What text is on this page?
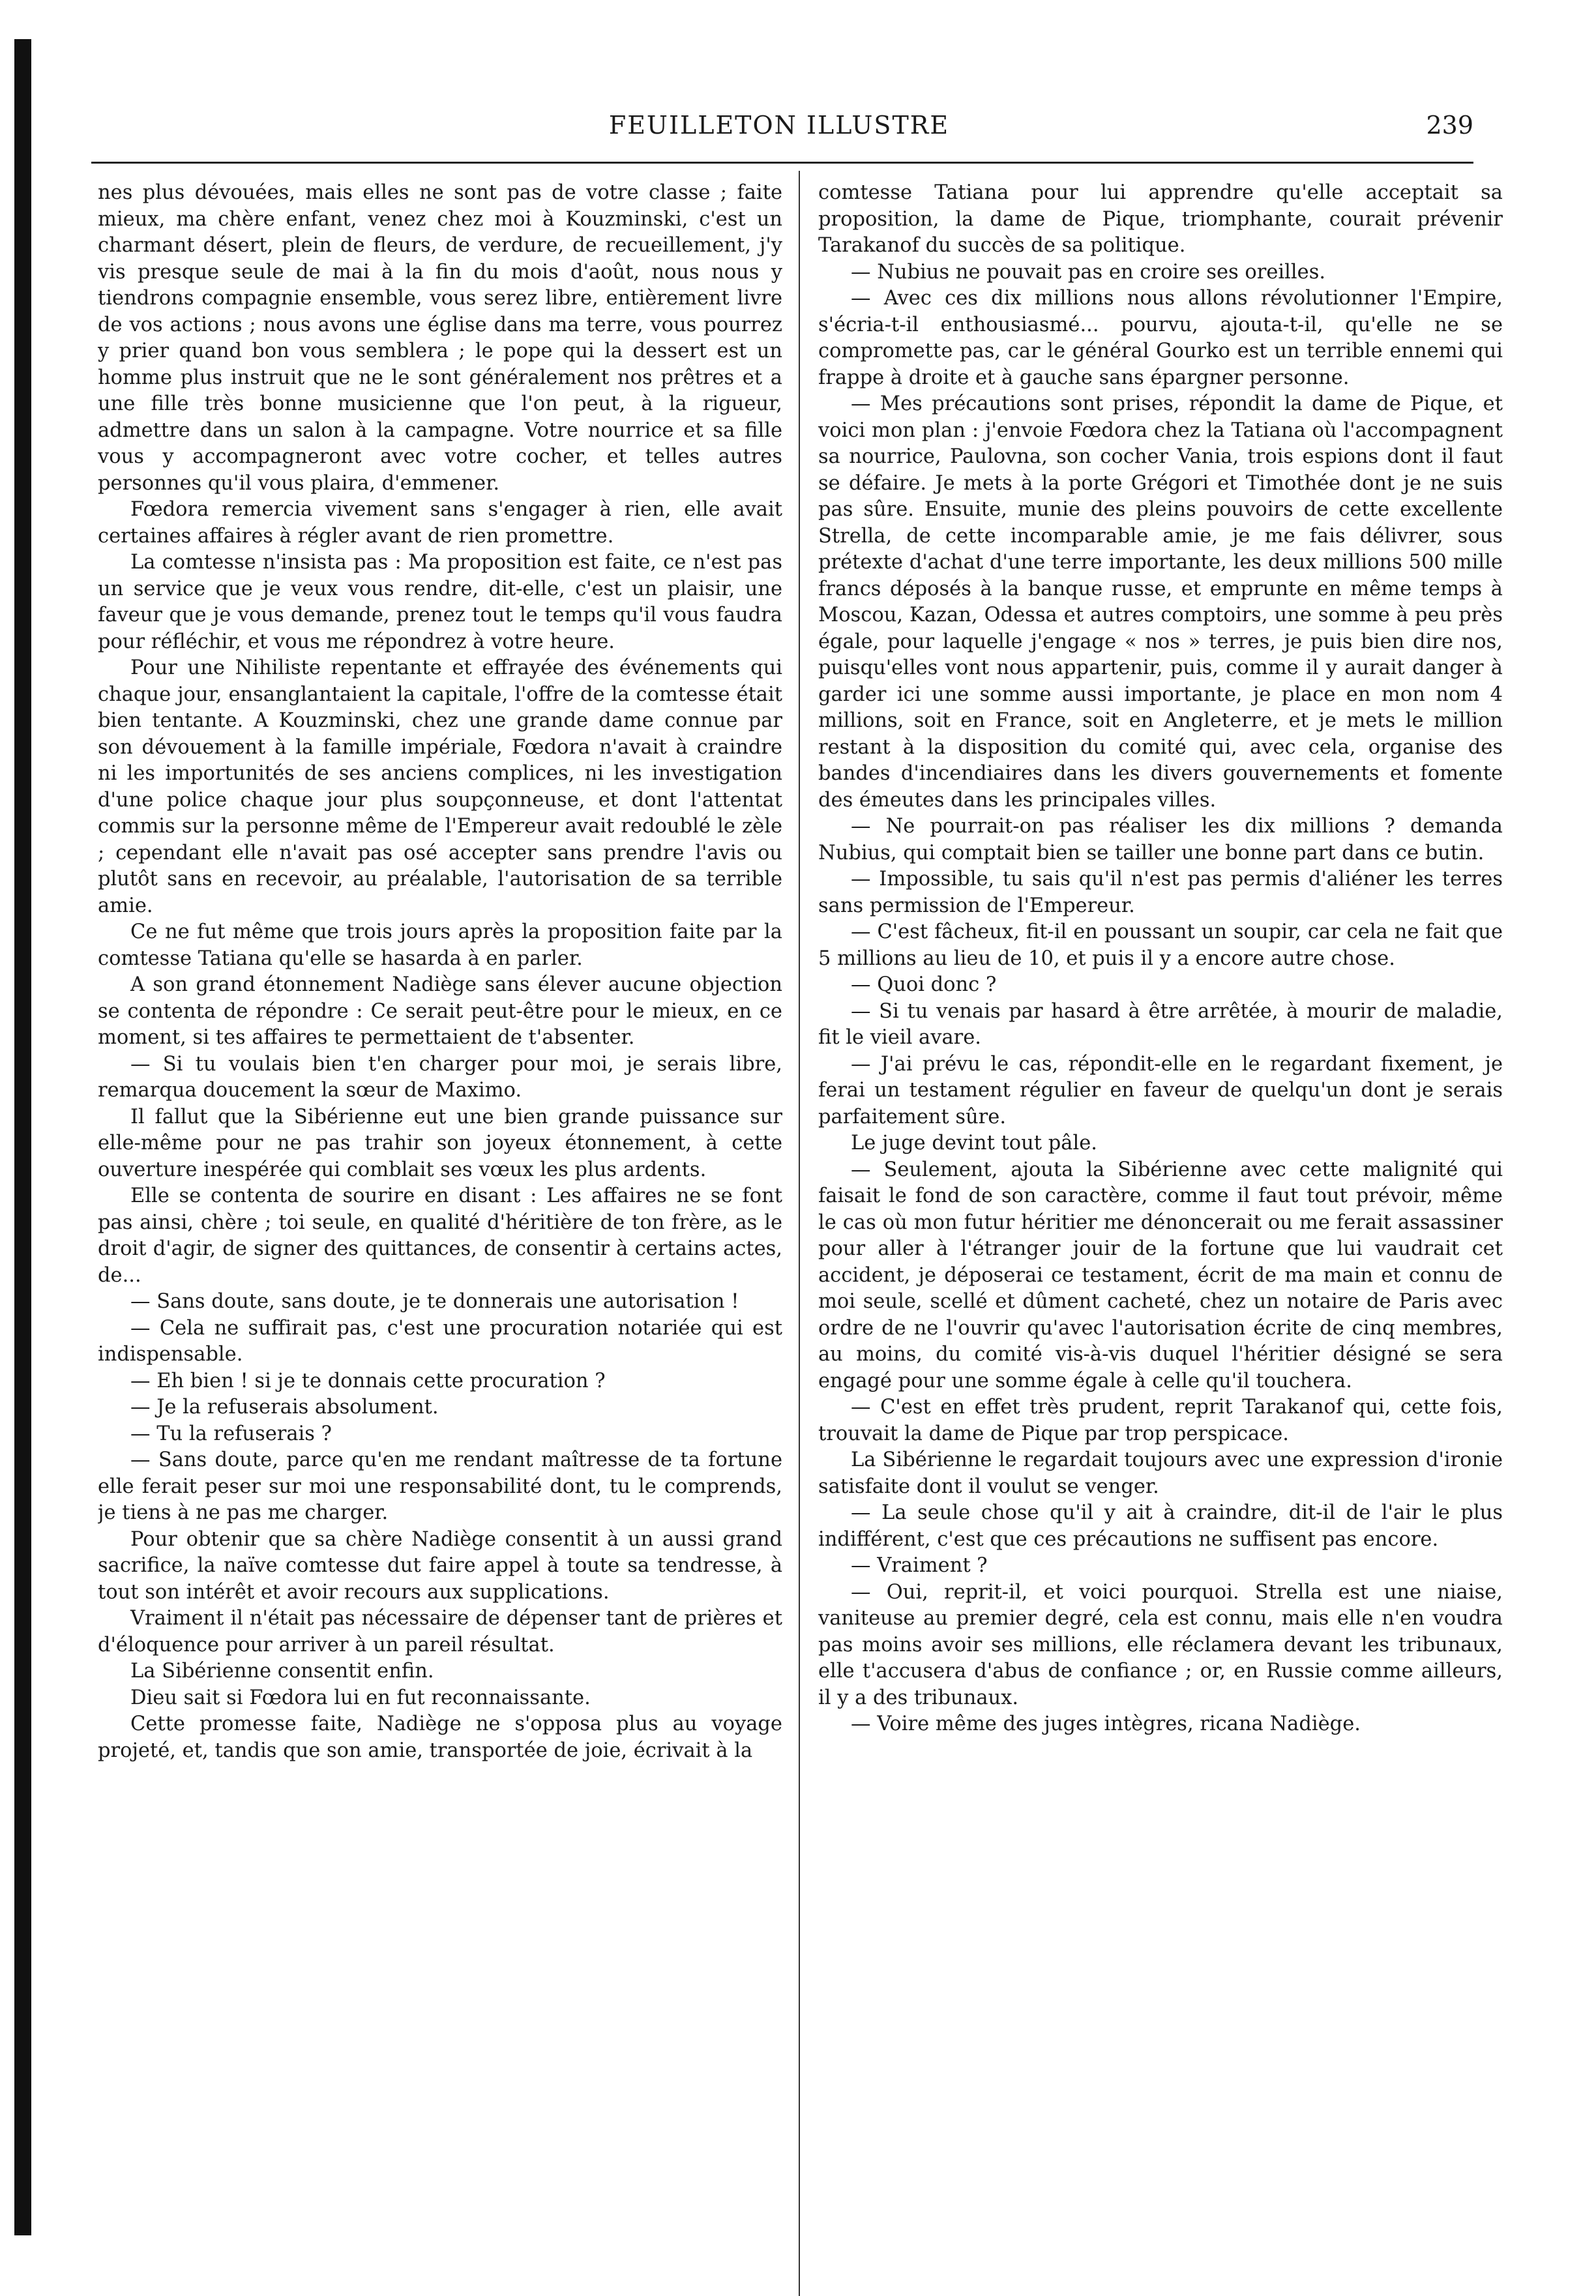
FEUILLETON ILLUSTRE	239

nes plus dévouées, mais elles ne sont pas de votre classe ; faite mieux, ma chère enfant, venez chez moi à Kouzminski, c'est un charmant désert, plein de fleurs, de verdure, de recueillement, j'y vis presque seule de mai à la fin du mois d'août, nous nous y tiendrons compagnie ensemble, vous serez libre, entièrement livre de vos actions ; nous avons une église dans ma terre, vous pourrez y prier quand bon vous semblera ; le pope qui la dessert est un homme plus instruit que ne le sont généralement nos prêtres et a une fille très bonne musicienne que l'on peut, à la rigueur, admettre dans un salon à la campagne. Votre nourrice et sa fille vous y accompagneront avec votre cocher, et telles autres personnes qu'il vous plaira, d'emmener.

Fœdora remercia vivement sans s'engager à rien, elle avait certaines affaires à régler avant de rien promettre.

La comtesse n'insista pas : Ma proposition est faite, ce n'est pas un service que je veux vous rendre, dit-elle, c'est un plaisir, une faveur que je vous demande, prenez tout le temps qu'il vous faudra pour réfléchir, et vous me répondrez à votre heure.

Pour une Nihiliste repentante et effrayée des événements qui chaque jour, ensanglantaient la capitale, l'offre de la comtesse était bien tentante. A Kouzminski, chez une grande dame connue par son dévouement à la famille impériale, Fœdora n'avait à craindre ni les importunités de ses anciens complices, ni les investigation d'une police chaque jour plus soupçonneuse, et dont l'attentat commis sur la personne même de l'Empereur avait redoublé le zèle ; cependant elle n'avait pas osé accepter sans prendre l'avis ou plutôt sans en recevoir, au préalable, l'autorisation de sa terrible amie.

Ce ne fut même que trois jours après la proposition faite par la comtesse Tatiana qu'elle se hasarda à en parler.

A son grand étonnement Nadiège sans élever aucune objection se contenta de répondre : Ce serait peut-être pour le mieux, en ce moment, si tes affaires te permettaient de t'absenter.

— Si tu voulais bien t'en charger pour moi, je serais libre, remarqua doucement la sœur de Maximo.

Il fallut que la Sibérienne eut une bien grande puissance sur elle-même pour ne pas trahir son joyeux étonnement, à cette ouverture inespérée qui comblait ses vœux les plus ardents.

Elle se contenta de sourire en disant : Les affaires ne se font pas ainsi, chère ; toi seule, en qualité d'héritière de ton frère, as le droit d'agir, de signer des quittances, de consentir à certains actes, de...

— Sans doute, sans doute, je te donnerais une autorisation !

— Cela ne suffirait pas, c'est une procuration notariée qui est indispensable.

— Eh bien ! si je te donnais cette procuration ?

— Je la refuserais absolument.

— Tu la refuserais ?

— Sans doute, parce qu'en me rendant maîtresse de ta fortune elle ferait peser sur moi une responsabilité dont, tu le comprends, je tiens à ne pas me charger.

Pour obtenir que sa chère Nadiège consentit à un aussi grand sacrifice, la naïve comtesse dut faire appel à toute sa tendresse, à tout son intérêt et avoir recours aux supplications.

Vraiment il n'était pas nécessaire de dépenser tant de prières et d'éloquence pour arriver à un pareil résultat.

La Sibérienne consentit enfin.

Dieu sait si Fœdora lui en fut reconnaissante.

Cette promesse faite, Nadiège ne s'opposa plus au voyage projeté, et, tandis que son amie, transportée de joie, écrivait à la

comtesse Tatiana pour lui apprendre qu'elle acceptait sa proposition, la dame de Pique, triomphante, courait prévenir Tarakanof du succès de sa politique.

— Nubius ne pouvait pas en croire ses oreilles.

— Avec ces dix millions nous allons révolutionner l'Empire, s'écria-t-il enthousiasmé... pourvu, ajouta-t-il, qu'elle ne se compromette pas, car le général Gourko est un terrible ennemi qui frappe à droite et à gauche sans épargner personne.

— Mes précautions sont prises, répondit la dame de Pique, et voici mon plan : j'envoie Fœdora chez la Tatiana où l'accompagnent sa nourrice, Paulovna, son cocher Vania, trois espions dont il faut se défaire. Je mets à la porte Grégori et Timothée dont je ne suis pas sûre. Ensuite, munie des pleins pouvoirs de cette excellente Strella, de cette incomparable amie, je me fais délivrer, sous prétexte d'achat d'une terre importante, les deux millions 500 mille francs déposés à la banque russe, et emprunte en même temps à Moscou, Kazan, Odessa et autres comptoirs, une somme à peu près égale, pour laquelle j'engage « nos » terres, je puis bien dire nos, puisqu'elles vont nous appartenir, puis, comme il y aurait danger à garder ici une somme aussi importante, je place en mon nom 4 millions, soit en France, soit en Angleterre, et je mets le million restant à la disposition du comité qui, avec cela, organise des bandes d'incendiaires dans les divers gouvernements et fomente des émeutes dans les principales villes.

— Ne pourrait-on pas réaliser les dix millions ? demanda Nubius, qui comptait bien se tailler une bonne part dans ce butin.

— Impossible, tu sais qu'il n'est pas permis d'aliéner les terres sans permission de l'Empereur.

— C'est fâcheux, fit-il en poussant un soupir, car cela ne fait que 5 millions au lieu de 10, et puis il y a encore autre chose.

— Quoi donc ?

— Si tu venais par hasard à être arrêtée, à mourir de maladie, fit le vieil avare.

— J'ai prévu le cas, répondit-elle en le regardant fixement, je ferai un testament régulier en faveur de quelqu'un dont je serais parfaitement sûre.

Le juge devint tout pâle.

— Seulement, ajouta la Sibérienne avec cette malignité qui faisait le fond de son caractère, comme il faut tout prévoir, même le cas où mon futur héritier me dénoncerait ou me ferait assassiner pour aller à l'étranger jouir de la fortune que lui vaudrait cet accident, je déposerai ce testament, écrit de ma main et connu de moi seule, scellé et dûment cacheté, chez un notaire de Paris avec ordre de ne l'ouvrir qu'avec l'autorisation écrite de cinq membres, au moins, du comité vis-à-vis duquel l'héritier désigné se sera engagé pour une somme égale à celle qu'il touchera.

— C'est en effet très prudent, reprit Tarakanof qui, cette fois, trouvait la dame de Pique par trop perspicace.

La Sibérienne le regardait toujours avec une expression d'ironie satisfaite dont il voulut se venger.

— La seule chose qu'il y ait à craindre, dit-il de l'air le plus indifférent, c'est que ces précautions ne suffisent pas encore.

— Vraiment ?

— Oui, reprit-il, et voici pourquoi. Strella est une niaise, vaniteuse au premier degré, cela est connu, mais elle n'en voudra pas moins avoir ses millions, elle réclamera devant les tribunaux, elle t'accusera d'abus de confiance ; or, en Russie comme ailleurs, il y a des tribunaux.

— Voire même des juges intègres, ricana Nadiège.
